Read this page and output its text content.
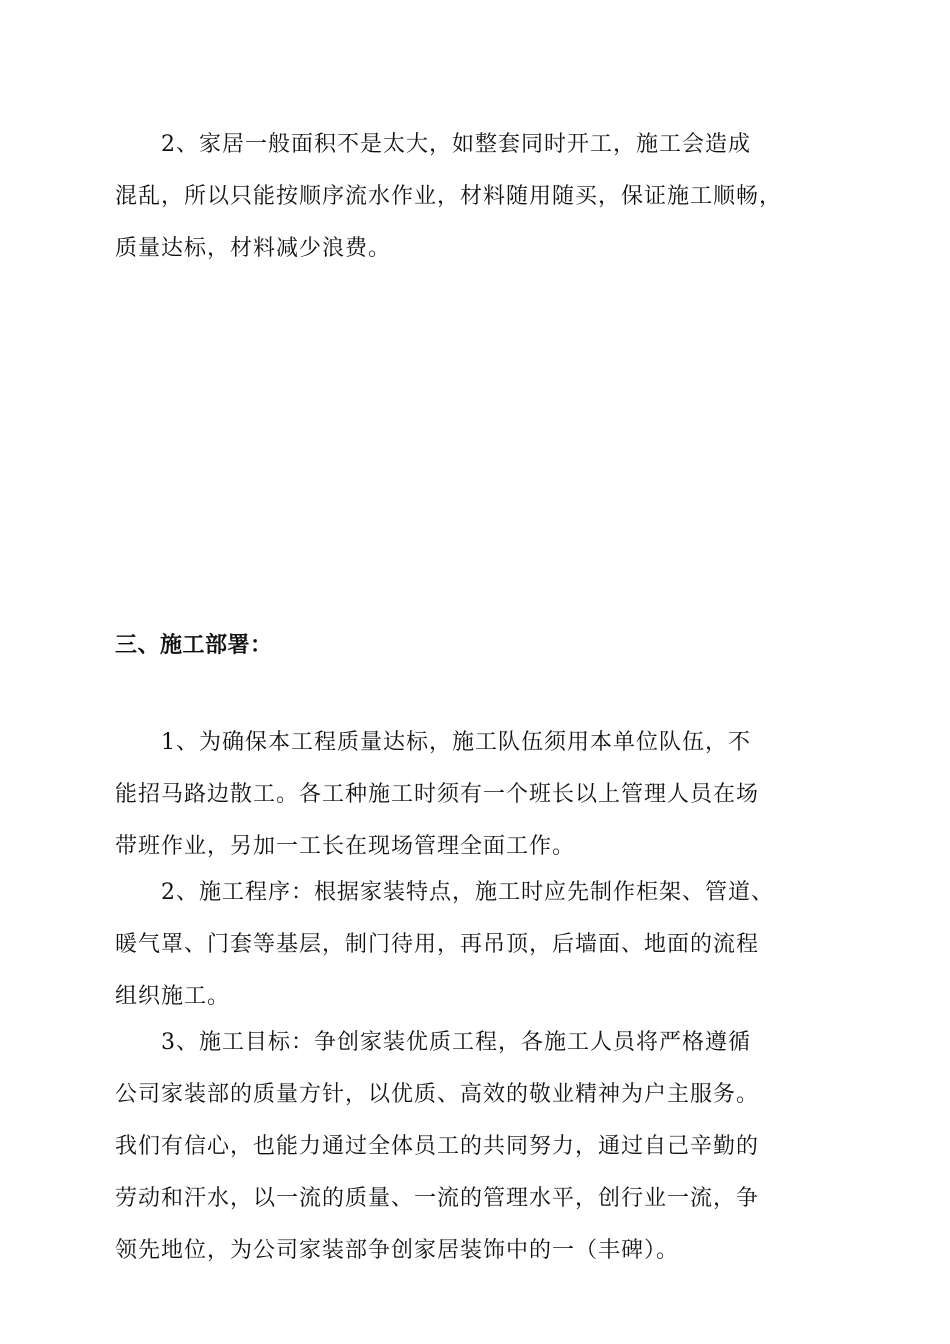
2、家居一般面积不是太大，如整套同时开工，施工会造成
混乱，所以只能按顺序流水作业，材料随用随买，保证施工顺畅，
质量达标，材料减少浪费。
三、施工部署：
1、为确保本工程质量达标，施工队伍须用本单位队伍，不
能招马路边散工。各工种施工时须有一个班长以上管理人员在场
带班作业，另加一工长在现场管理全面工作。
2、施工程序：根据家装特点，施工时应先制作柜架、管道、
暖气罩、门套等基层，制门待用，再吊顶，后墙面、地面的流程
组织施工。
3、施工目标：争创家装优质工程，各施工人员将严格遵循
公司家装部的质量方针，以优质、高效的敬业精神为户主服务。
我们有信心，也能力通过全体员工的共同努力，通过自己辛勤的
劳动和汗水，以一流的质量、一流的管理水平，创行业一流，争
领先地位，为公司家装部争创家居装饰中的一（丰碑）。
